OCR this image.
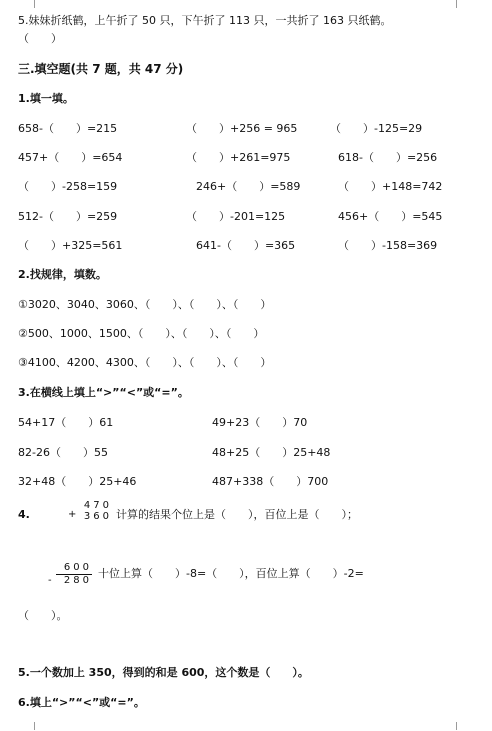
5.妹妹折纸鹤，上午折了 50 只，下午折了 113 只，一共折了 163 只纸鹤。
（　　）
三.填空题(共 7 题，共 47 分)
1.填一填。
658-（　　）=215	（　　）+256 = 965	（　　）-125=29
457+（　　）=654	（　　）+261=975	618-（　　）=256
（　　）-258=159	246+（　　）=589	（　　）+148=742
512-（　　）=259	（　　）-201=125	456+（　　）=545
（　　）+325=561	641-（　　）=365	（　　）-158=369
2.找规律，填数。
①3020、3040、3060、（　　）、（　　）、（　　）
②500、1000、1500、（　　）、（　　）、（　　）
③4100、4200、4300、（　　）、（　　）、（　　）
3.在横线上填上“>”“<”或“=”。
54+17（　　）61	49+23（　　）70
82-26（　　）55	48+25（　　）25+48
32+48（　　）25+46	487+338（　　）700
4.
470
360
+	计算的结果个位上是（　　），百位上是（　　）；
600
280
-
十位上算（　　）-8=（　　），百位上算（　　）-2=
（　　）。
5.一个数加上 350，得到的和是 600，这个数是（　　）。
6.填上“>”“<”或“=”。
